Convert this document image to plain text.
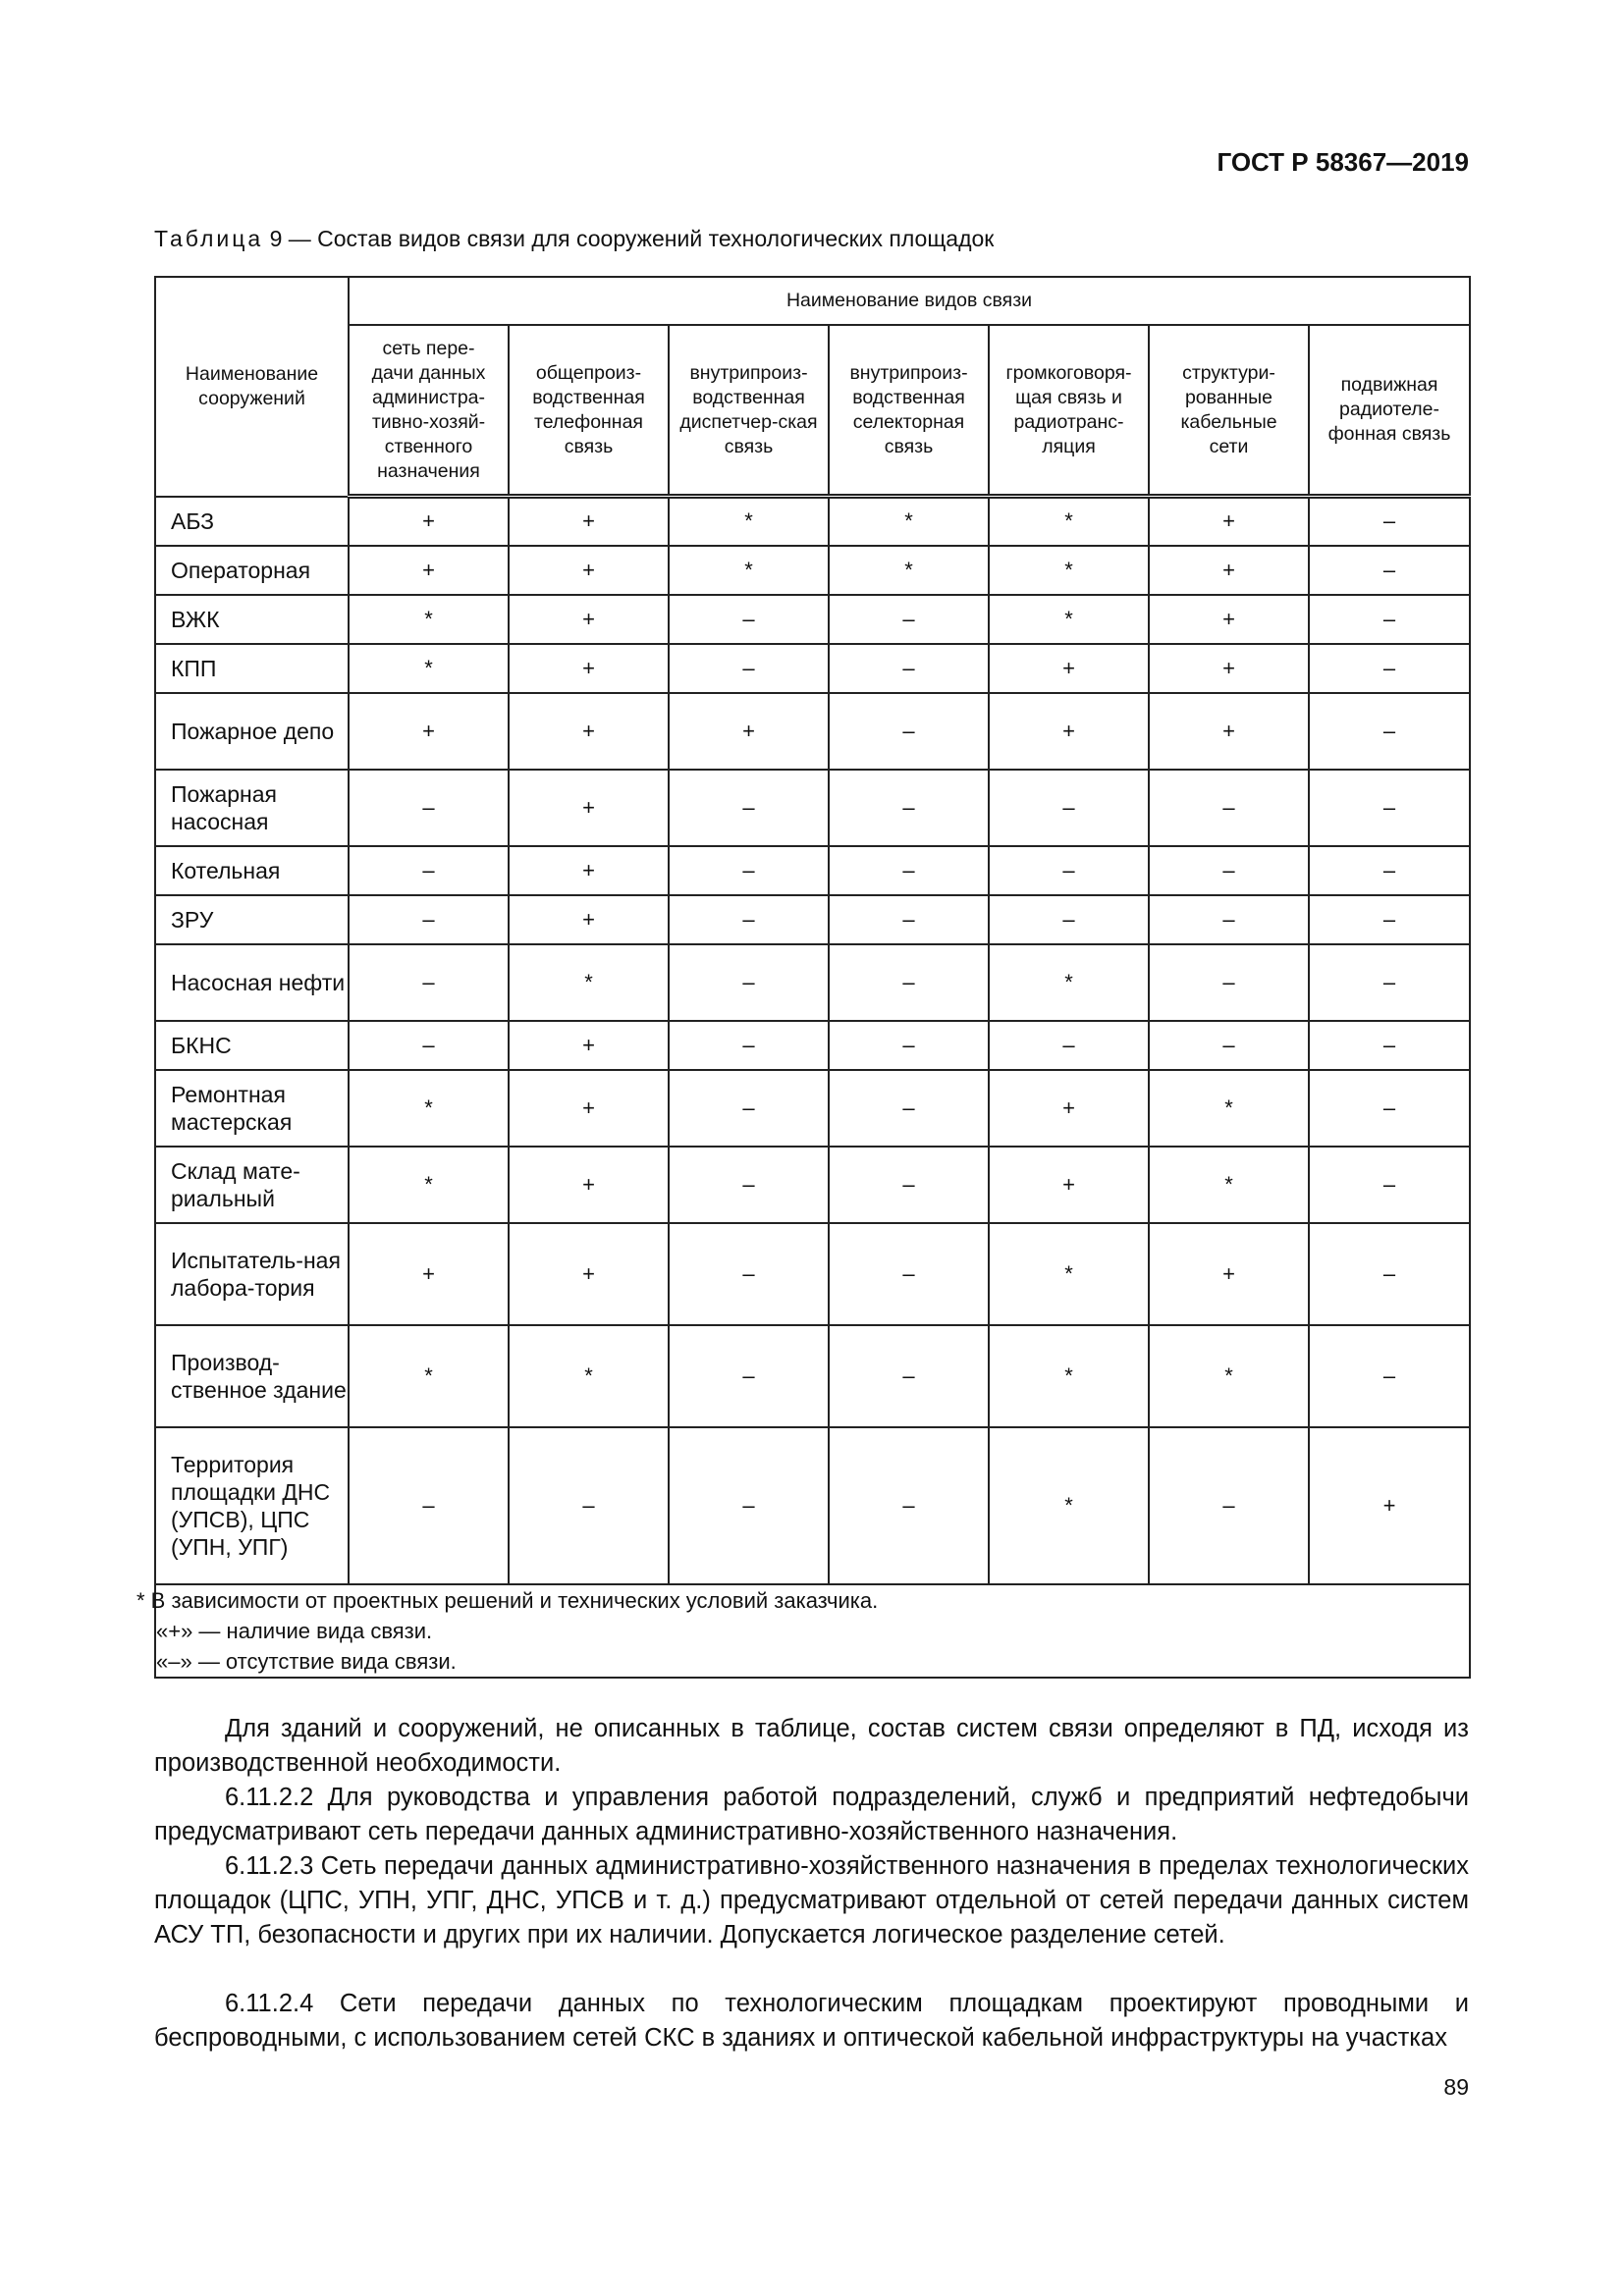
ГОСТ Р 58367—2019
Таблица 9 — Состав видов связи для сооружений технологических площадок
Наименование сооружений	Наименование видов связи						
	сеть пере-дачи данных администра-тивно-хозяй-ственного назначения	общепроиз-водственная телефонная связь	внутрипроиз-водственная диспетчер-ская связь	внутрипроиз-водственная селекторная связь	громкоговоря-щая связь и радиотранс-ляция	структури-рованные кабельные сети	подвижная радиотеле-фонная связь
АБЗ	+	+	*	*	*	+	–
Операторная	+	+	*	*	*	+	–
ВЖК	*	+	–	–	*	+	–
КПП	*	+	–	–	+	+	–
Пожарное депо	+	+	+	–	+	+	–
Пожарная насосная	–	+	–	–	–	–	–
Котельная	–	+	–	–	–	–	–
ЗРУ	–	+	–	–	–	–	–
Насосная нефти	–	*	–	–	*	–	–
БКНС	–	+	–	–	–	–	–
Ремонтная мастерская	*	+	–	–	+	*	–
Склад мате-риальный	*	+	–	–	+	*	–
Испытатель-ная лабора-тория	+	+	–	–	*	+	–
Производ-ственное здание	*	*	–	–	*	*	–
Территория площадки ДНС (УПСВ), ЦПС (УПН, УПГ)	–	–	–	–	*	–	+

* В зависимости от проектных решений и технических условий заказчика.
«+» — наличие вида связи.
«–» — отсутствие вида связи.							

Для зданий и сооружений, не описанных в таблице, состав систем связи определяют в ПД, исходя из производственной необходимости.

6.11.2.2 Для руководства и управления работой подразделений, служб и предприятий нефтедобычи предусматривают сеть передачи данных административно-хозяйственного назначения.

6.11.2.3 Сеть передачи данных административно-хозяйственного назначения в пределах технологических площадок (ЦПС, УПН, УПГ, ДНС, УПСВ и т. д.) предусматривают отдельной от сетей передачи данных систем АСУ ТП, безопасности и других при их наличии. Допускается логическое разделение сетей.

6.11.2.4 Сети передачи данных по технологическим площадкам проектируют проводными и беспроводными, с использованием сетей СКС в зданиях и оптической кабельной инфраструктуры на участках

89
